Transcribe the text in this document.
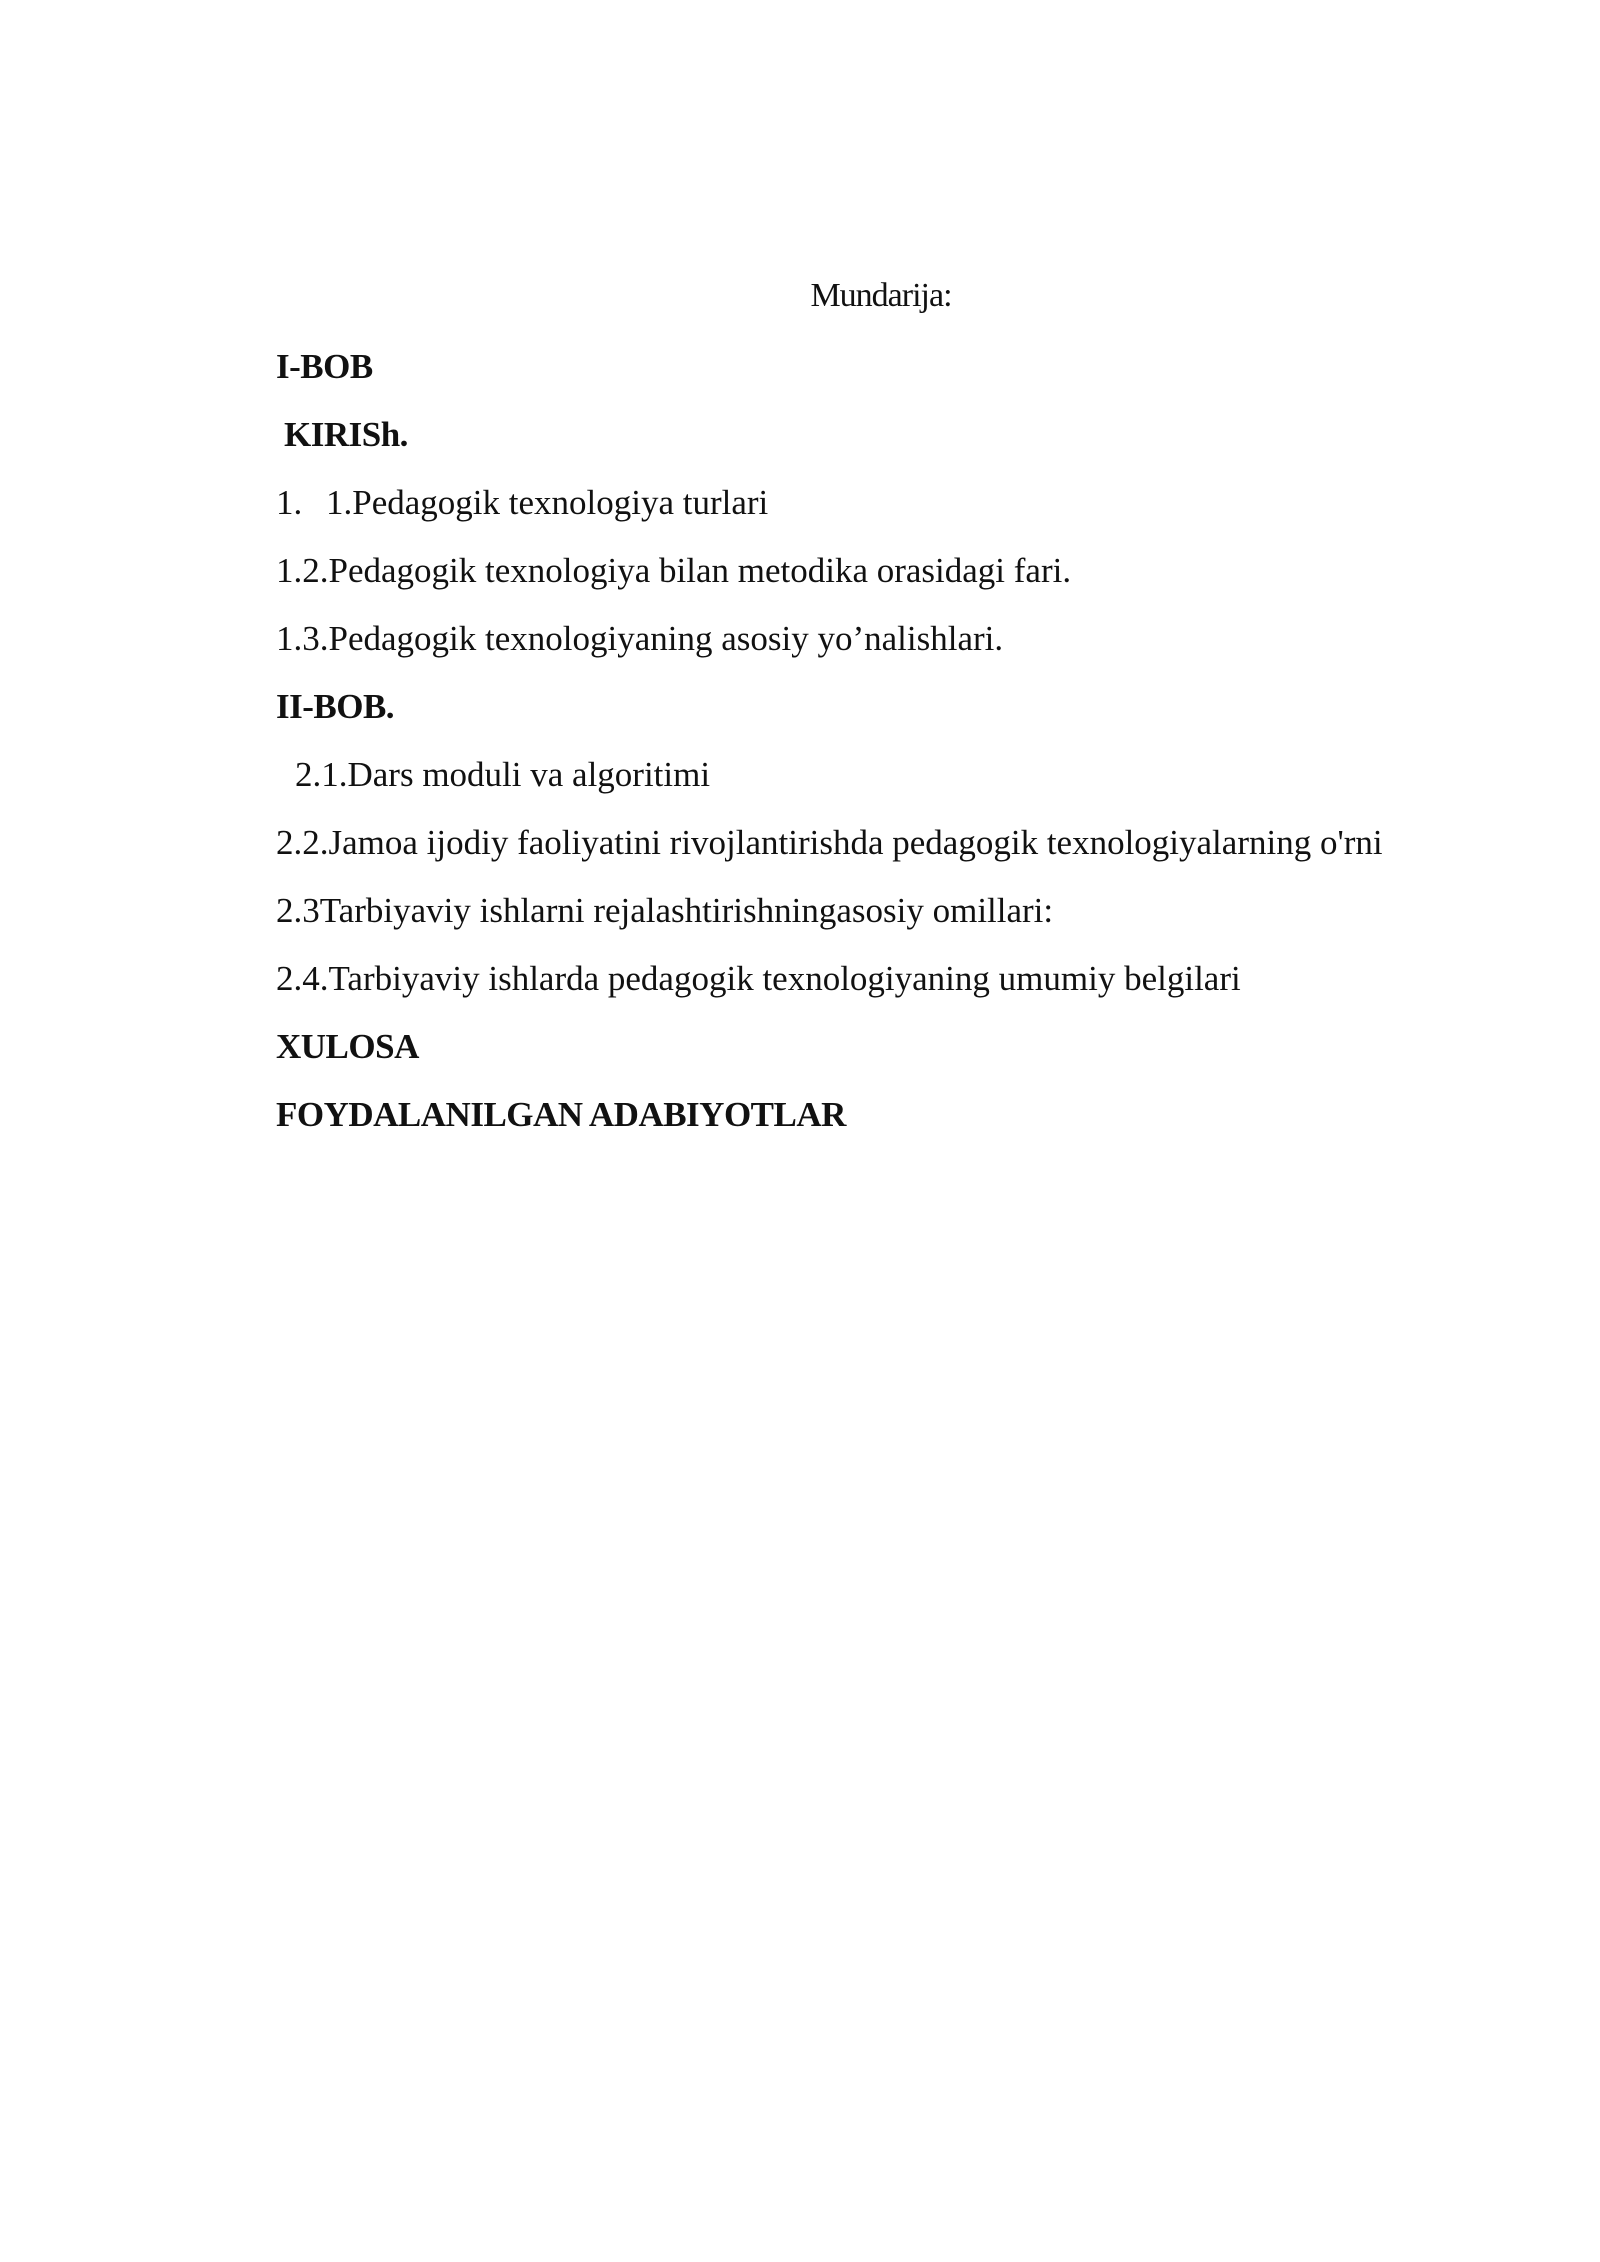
Mundarija:
I-BOB
KIRISh.
1. 1.Pedagogik texnologiya turlari
1.2.Pedagogik texnologiya bilan metodika orasidagi fari.
1.3.Pedagogik texnologiyaning asosiy yo’nalishlari.
II-BOB.
2.1.Dars moduli va algoritimi
2.2.Jamoa ijodiy faoliyatini rivojlantirishda pedagogik texnologiyalarning o'rni
2.3Tarbiyaviy ishlarni rejalashtirishningasosiy omillari:
2.4.Tarbiyaviy ishlarda pedagogik texnologiyaning umumiy belgilari
XULOSA
FOYDALANILGAN ADABIYOTLAR
